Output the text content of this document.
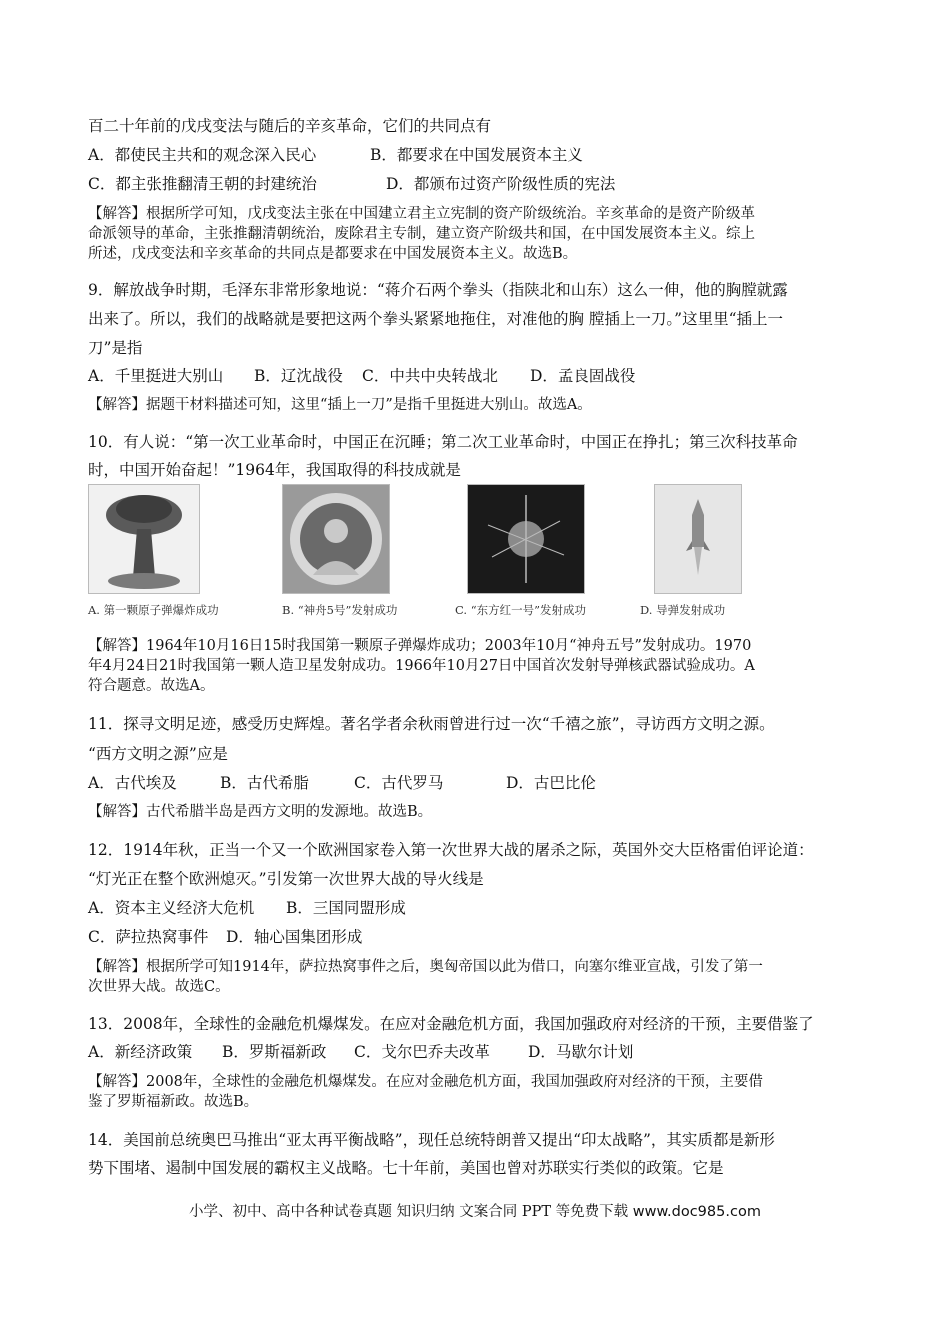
百二十年前的戊戌变法与随后的辛亥革命，它们的共同点有
A．都使民主共和的观念深入民心	B．都要求在中国发展资本主义
C．都主张推翻清王朝的封建统治	D．都颁布过资产阶级性质的宪法
【解答】根据所学可知，戊戌变法主张在中国建立君主立宪制的资产阶级统治。辛亥革命的是资产阶级革
命派领导的革命，主张推翻清朝统治，废除君主专制，建立资产阶级共和国，在中国发展资本主义。综上
所述，戊戌变法和辛亥革命的共同点是都要求在中国发展资本主义。故选B。
9．解放战争时期，毛泽东非常形象地说：“蒋介石两个拳头（指陕北和山东）这么一伸，他的胸膛就露
出来了。所以，我们的战略就是要把这两个拳头紧紧地拖住，对准他的胸 膛插上一刀。”这里里“插上一
刀”是指
A．千里挺进大别山 B．辽沈战役 C．中共中央转战北 D．孟良固战役
【解答】据题干材料描述可知，这里“插上一刀”是指千里挺进大别山。故选A。
10．有人说：“第一次工业革命时，中国正在沉睡；第二次工业革命时，中国正在挣扎；第三次科技革命
时，中国开始奋起！”1964年，我国取得的科技成就是
A. 第一颗原子弹爆炸成功	B. “神舟5号”发射成功	C. “东方红一号”发射成功	D. 导弹发射成功
【解答】1964年10月16日15时我国第一颗原子弹爆炸成功；2003年10月“神舟五号”发射成功。1970
年4月24日21时我国第一颗人造卫星发射成功。1966年10月27日中国首次发射导弹核武器试验成功。A
符合题意。故选A。
11．探寻文明足迹，感受历史辉煌。著名学者余秋雨曾进行过一次“千禧之旅”，寻访西方文明之源。
“西方文明之源”应是
A．古代埃及	B．古代希脂	C．古代罗马	D．古巴比伦
【解答】古代希腊半岛是西方文明的发源地。故选B。
12．1914年秋，正当一个又一个欧洲国家卷入第一次世界大战的屠杀之际，英国外交大臣格雷伯评论道：
“灯光正在整个欧洲熄灭。”引发第一次世界大战的导火线是
A．资本主义经济大危机 B．三国同盟形成
C．萨拉热窝事件 D．轴心国集团形成
【解答】根据所学可知1914年，萨拉热窝事件之后，奥匈帝国以此为借口，向塞尔维亚宣战，引发了第一
次世界大战。故选C。
13．2008年，全球性的金融危机爆煤发。在应对金融危机方面，我国加强政府对经济的干预，主要借鉴了
A．新经济政策 B．罗斯福新政 C．戈尔巴乔夫改革 D．马歇尔计划
【解答】2008年，全球性的金融危机爆煤发。在应对金融危机方面，我国加强政府对经济的干预，主要借
鉴了罗斯福新政。故选B。
14．美国前总统奥巴马推出“亚太再平衡战略”，现任总统特朗普又提出“印太战略”，其实质都是新形
势下围堵、遏制中国发展的霸权主义战略。七十年前，美国也曾对苏联实行类似的政策。它是
小学、初中、高中各种试卷真题 知识归纳 文案合同 PPT 等免费下载 www.doc985.com
